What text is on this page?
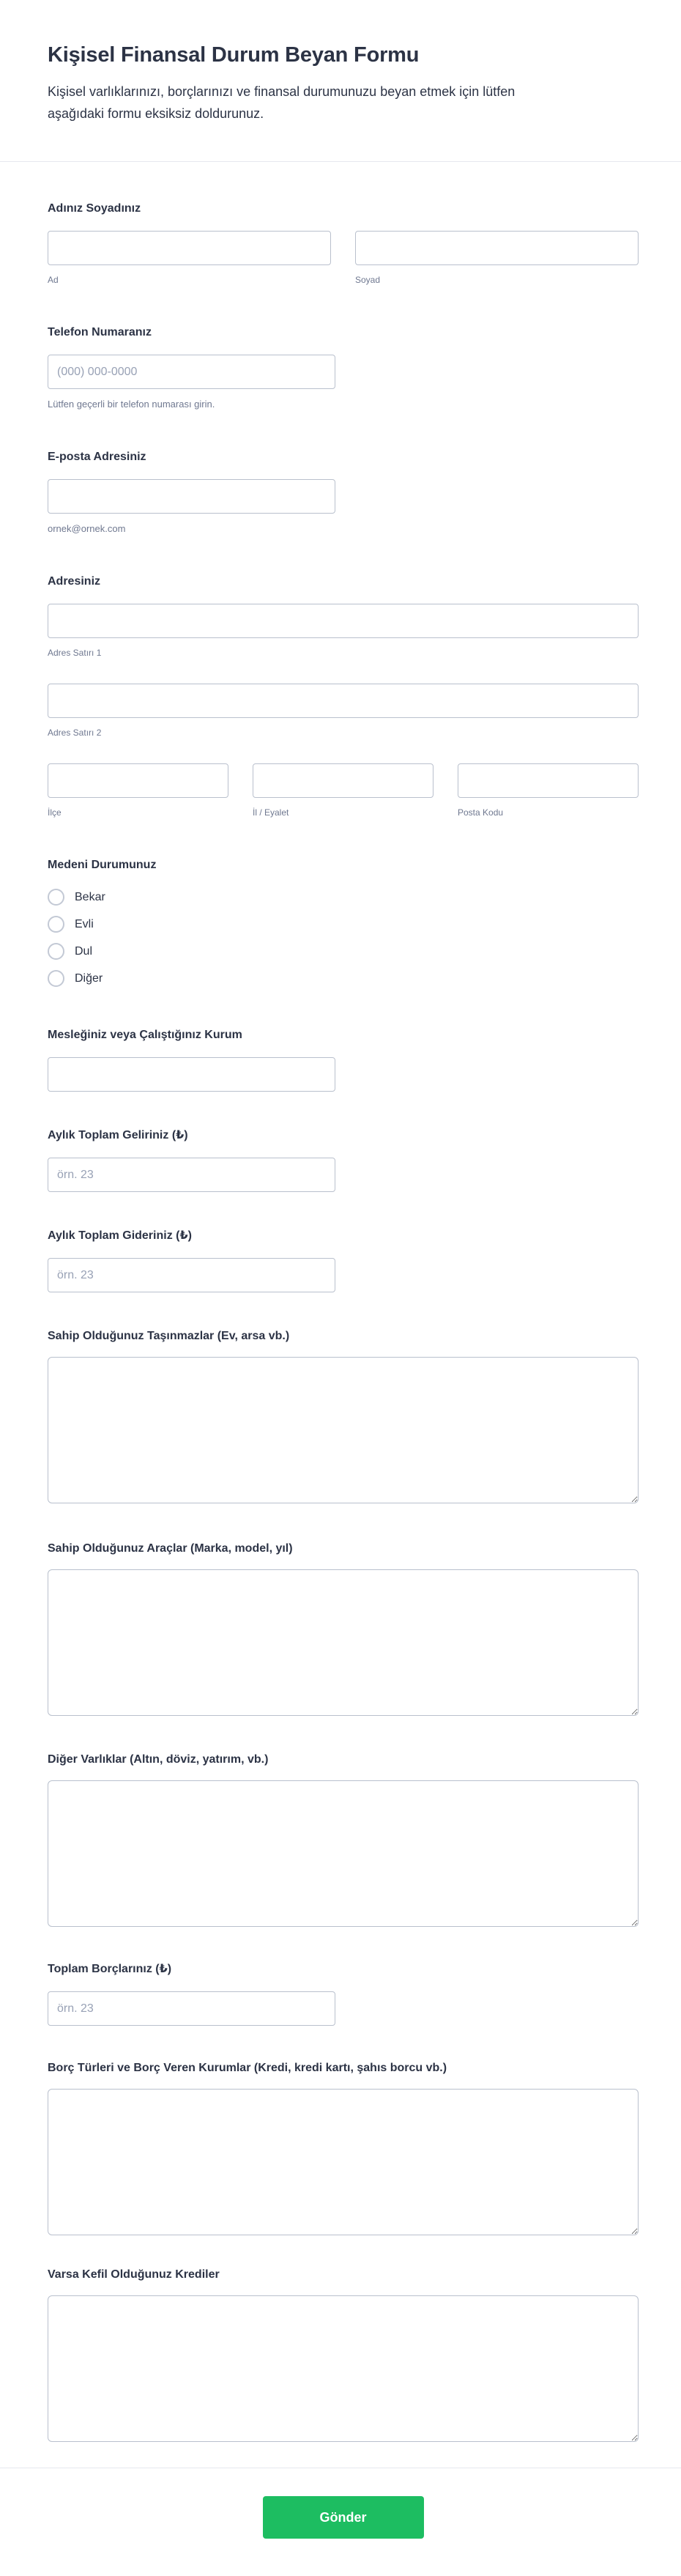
Kişisel Finansal Durum Beyan Formu

Kişisel varlıklarınızı, borçlarınızı ve finansal durumunuzu beyan etmek için lütfen aşağıdaki formu eksiksiz doldurunuz.

Adınız Soyadınız
Ad	Soyad
Telefon Numaranız
(000) 000-0000
Lütfen geçerli bir telefon numarası girin.
E-posta Adresiniz
ornek@ornek.com
Adresiniz
Adres Satırı 1
Adres Satırı 2
İlçe	İl / Eyalet	Posta Kodu
Medeni Durumunuz
Bekar
Evli
Dul
Diğer
Mesleğiniz veya Çalıştığınız Kurum
Aylık Toplam Geliriniz (₺)
örn. 23
Aylık Toplam Gideriniz (₺)
örn. 23
Sahip Olduğunuz Taşınmazlar (Ev, arsa vb.)
Sahip Olduğunuz Araçlar (Marka, model, yıl)
Diğer Varlıklar (Altın, döviz, yatırım, vb.)
Toplam Borçlarınız (₺)
örn. 23
Borç Türleri ve Borç Veren Kurumlar (Kredi, kredi kartı, şahıs borcu vb.)
Varsa Kefil Olduğunuz Krediler
Gönder
